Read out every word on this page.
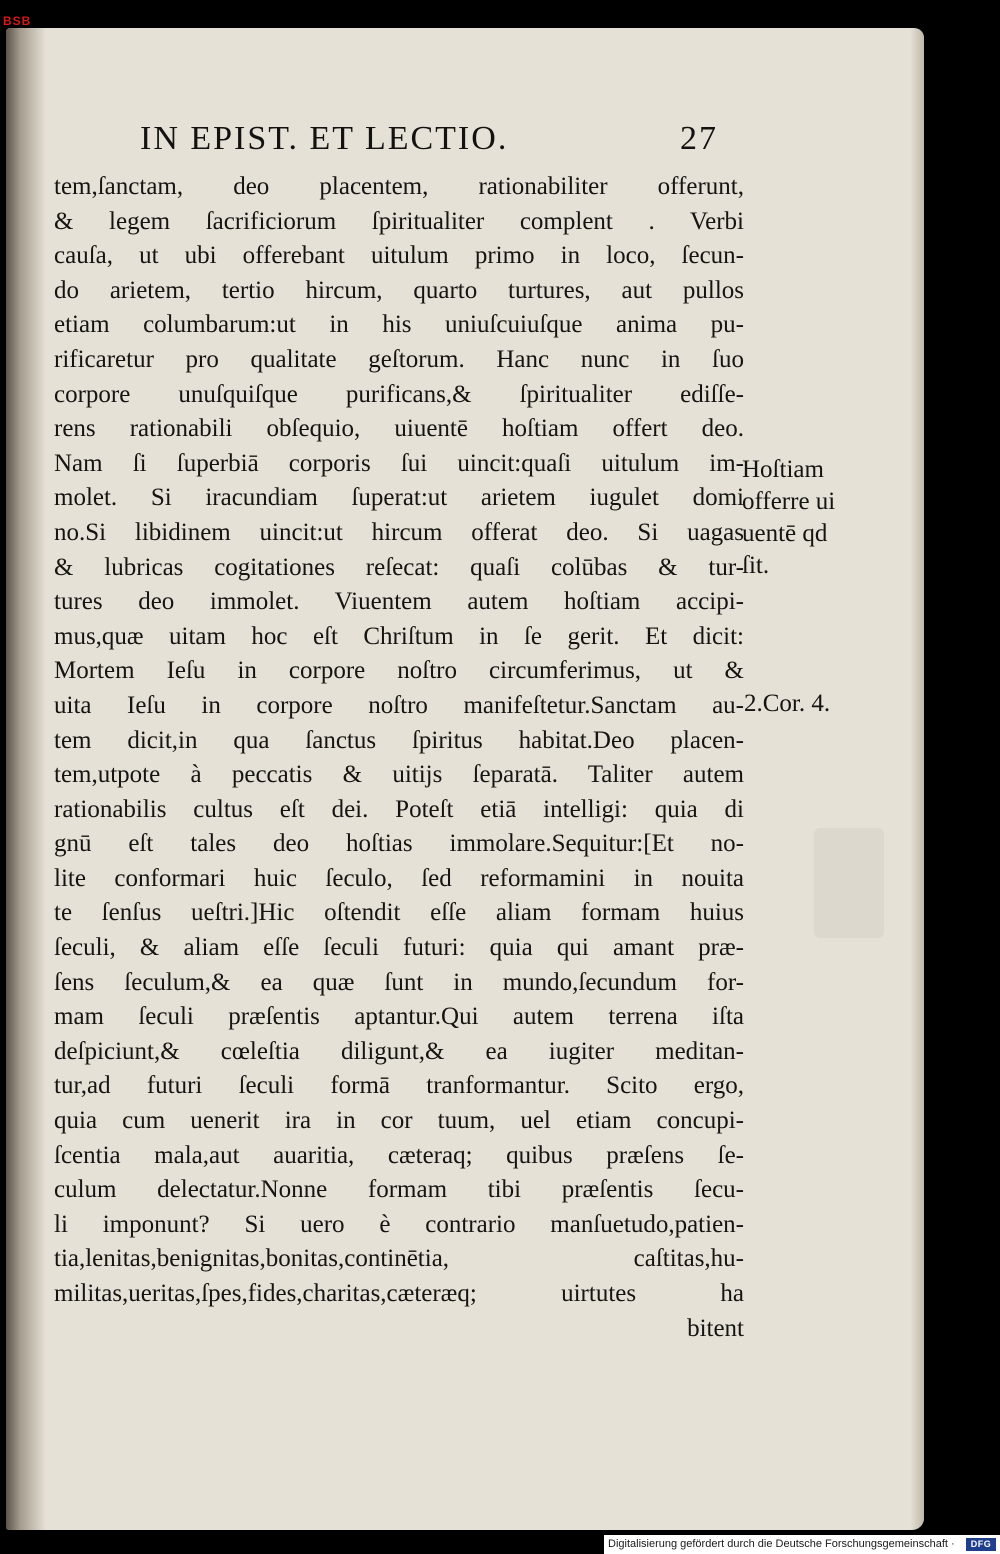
BSB
IN EPIST. ET LECTIO.	27
tem,ſanctam, deo placentem, rationabiliter offerunt,
& legem ſacrificiorum ſpiritualiter complent . Verbi
cauſa, ut ubi offerebant uitulum primo in loco, ſecun-
do arietem, tertio hircum, quarto turtures, aut pullos
etiam columbarum:ut in his uniuſcuiuſque anima pu-
rificaretur pro qualitate geſtorum. Hanc nunc in ſuo
corpore unuſquiſque purificans,& ſpiritualiter ediſſe-
rens rationabili obſequio, uiuentē hoſtiam offert deo.
Nam ſi ſuperbiā corporis ſui uincit:quaſi uitulum im-
molet. Si iracundiam ſuperat:ut arietem iugulet domi
no.Si libidinem uincit:ut hircum offerat deo. Si uagas
& lubricas cogitationes reſecat: quaſi colūbas & tur-
tures deo immolet. Viuentem autem hoſtiam accipi-
mus,quæ uitam hoc eſt Chriſtum in ſe gerit. Et dicit:
Mortem Ieſu in corpore noſtro circumferimus, ut &
uita Ieſu in corpore noſtro manifeſtetur.Sanctam au-
tem dicit,in qua ſanctus ſpiritus habitat.Deo placen-
tem,utpote à peccatis & uitijs ſeparatā. Taliter autem
rationabilis cultus eſt dei. Poteſt etiā intelligi: quia di
gnū eſt tales deo hoſtias immolare.Sequitur:[Et no-
lite conformari huic ſeculo, ſed reformamini in nouita
te ſenſus ueſtri.]Hic oſtendit eſſe aliam formam huius
ſeculi, & aliam eſſe ſeculi futuri: quia qui amant præ-
ſens ſeculum,& ea quæ ſunt in mundo,ſecundum for-
mam ſeculi præſentis aptantur.Qui autem terrena iſta
deſpiciunt,& cœleſtia diligunt,& ea iugiter meditan-
tur,ad futuri ſeculi formā tranformantur. Scito ergo,
quia cum uenerit ira in cor tuum, uel etiam concupi-
ſcentia mala,aut auaritia, cæteraq; quibus præſens ſe-
culum delectatur.Nonne formam tibi præſentis ſecu-
li imponunt? Si uero è contrario manſuetudo,patien-
tia,lenitas,benignitas,bonitas,continētia, caſtitas,hu-
militas,ueritas,ſpes,fides,charitas,cæteræq; uirtutes ha
bitent
Hoſtiam
offerre ui
uentē qd
ſit.
2.Cor. 4.
Digitalisierung gefördert durch die Deutsche Forschungsgemeinschaft ·	DFG
